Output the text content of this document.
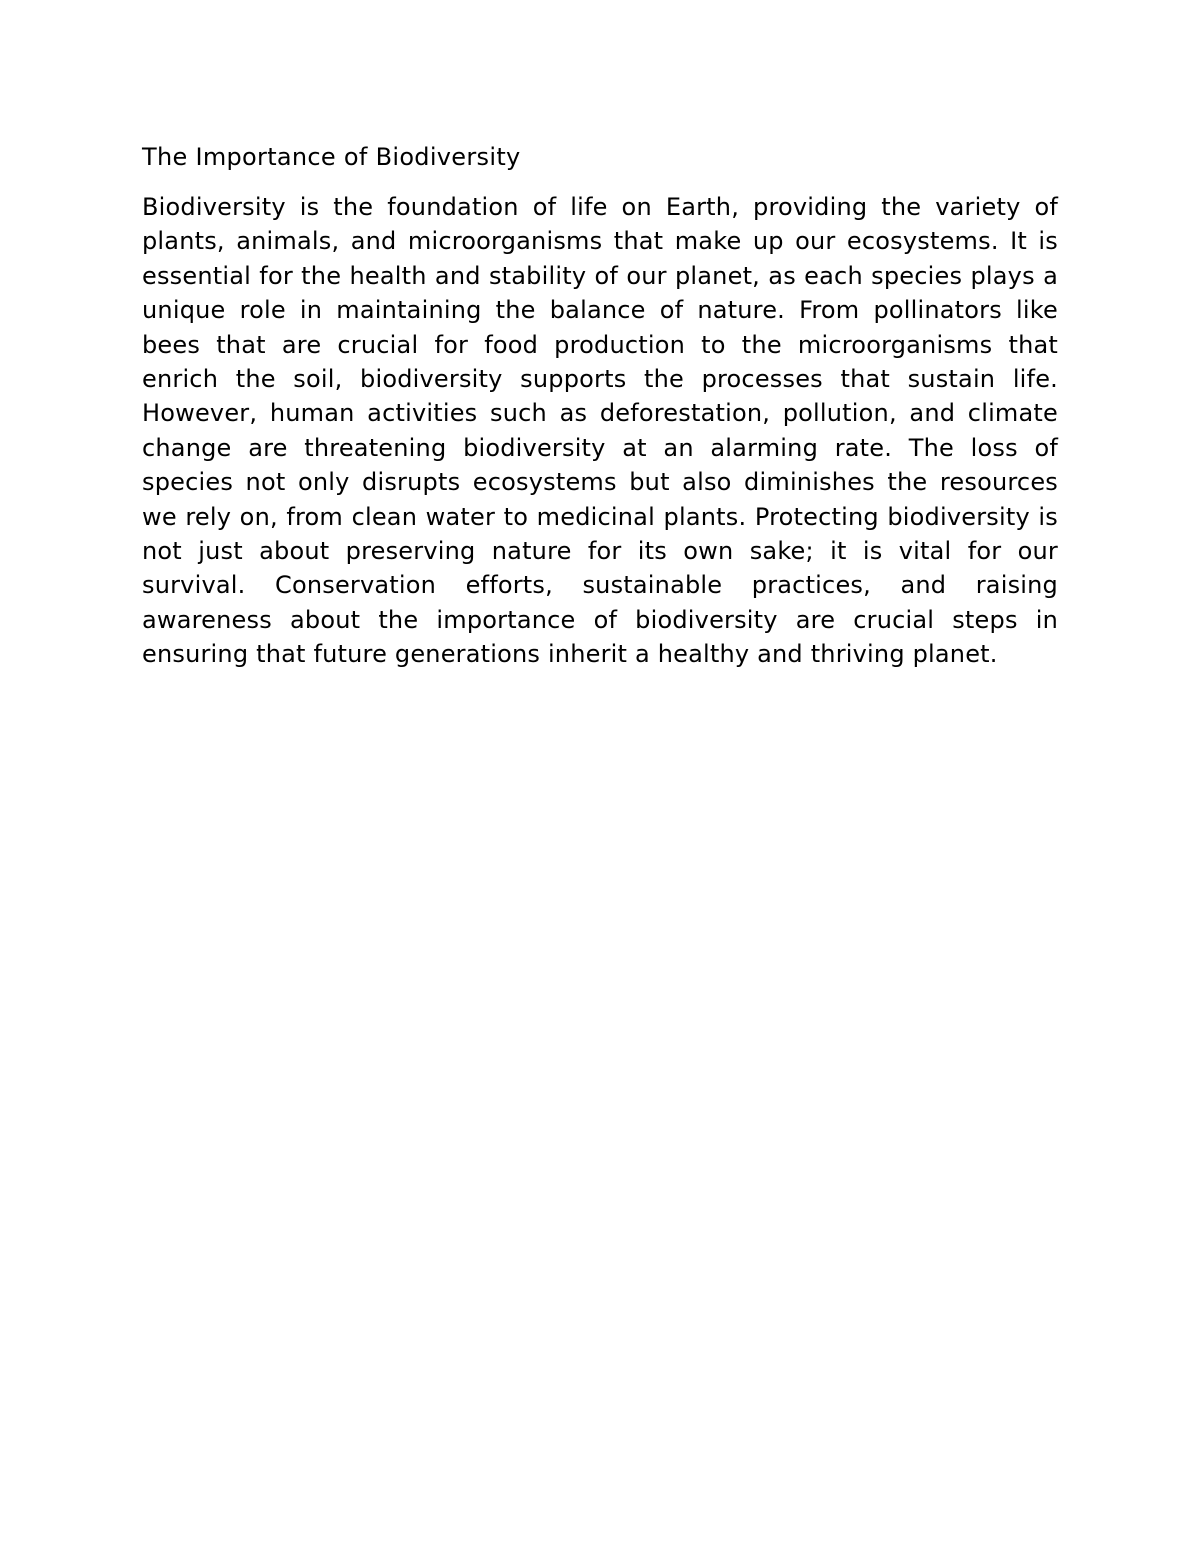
The Importance of Biodiversity

Biodiversity is the foundation of life on Earth, providing the variety of plants, animals, and microorganisms that make up our ecosystems. It is essential for the health and stability of our planet, as each species plays a unique role in maintaining the balance of nature. From pollinators like bees that are crucial for food production to the microorganisms that enrich the soil, biodiversity supports the processes that sustain life. However, human activities such as deforestation, pollution, and climate change are threatening biodiversity at an alarming rate. The loss of species not only disrupts ecosystems but also diminishes the resources we rely on, from clean water to medicinal plants. Protecting biodiversity is not just about preserving nature for its own sake; it is vital for our survival. Conservation efforts, sustainable practices, and raising awareness about the importance of biodiversity are crucial steps in ensuring that future generations inherit a healthy and thriving planet.
